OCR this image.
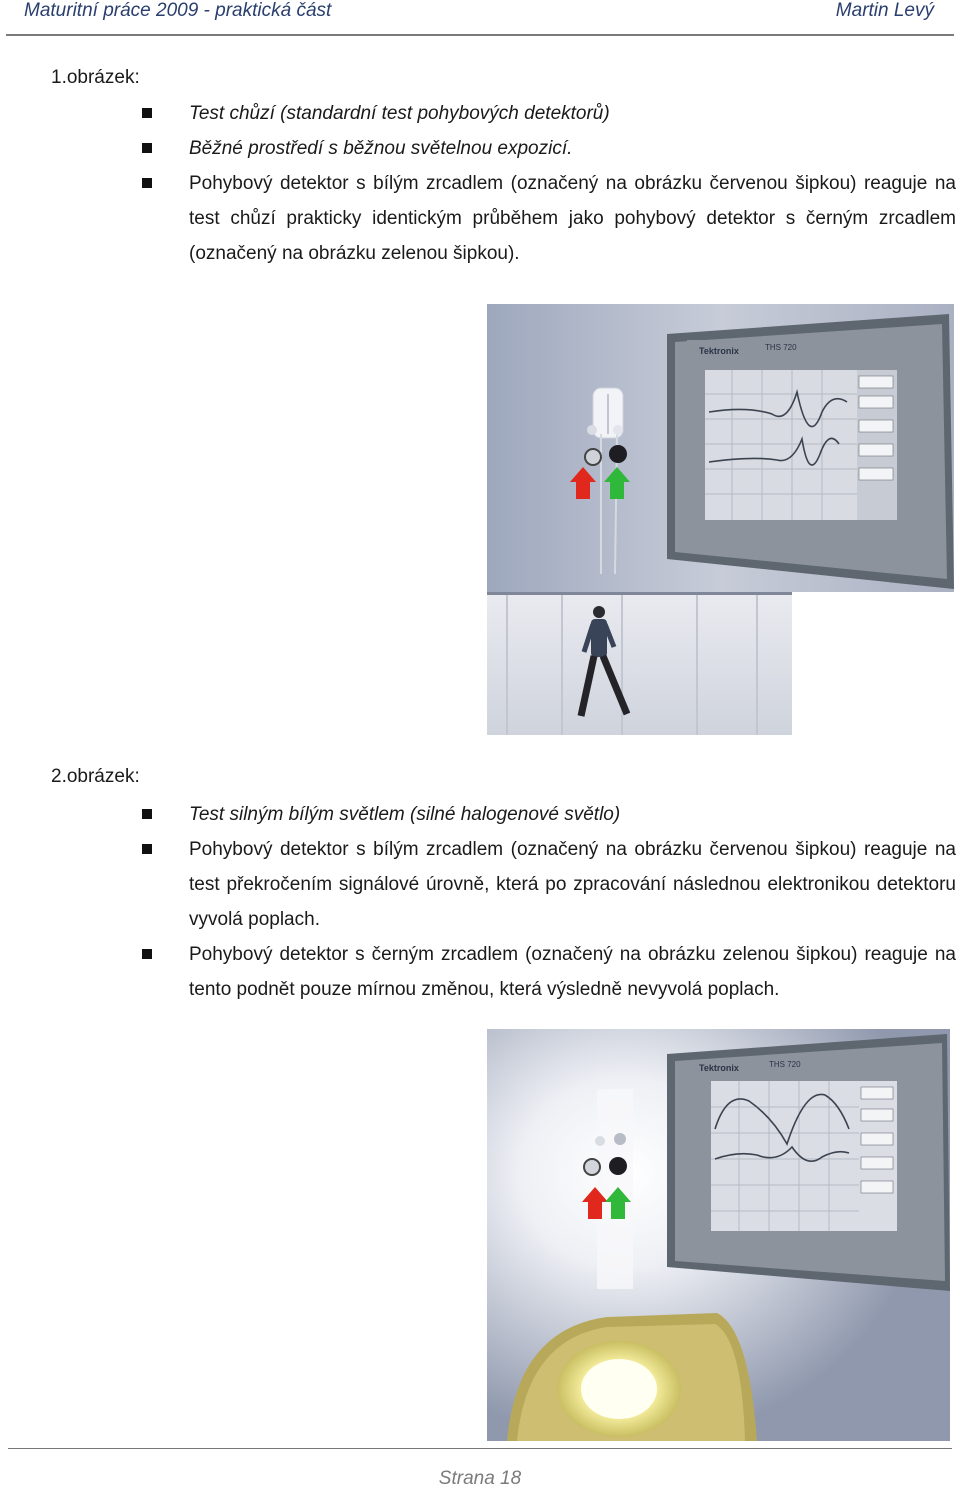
Maturitní práce 2009 - praktická část	Martin Levý
1.obrázek:
Test chůzí (standardní test pohybových detektorů)
Běžné prostředí s běžnou světelnou expozicí.
Pohybový detektor s bílým zrcadlem (označený na obrázku červenou šipkou) reaguje na test chůzí prakticky identickým průběhem jako pohybový detektor s černým zrcadlem (označený na obrázku zelenou šipkou).
Tektronix	THS 720
2.obrázek:
Test silným bílým světlem (silné halogenové světlo)
Pohybový detektor s bílým zrcadlem (označený na obrázku červenou šipkou) reaguje na test překročením signálové úrovně, která po zpracování následnou elektronikou detektoru vyvolá poplach.
Pohybový detektor s černým zrcadlem (označený na obrázku zelenou šipkou) reaguje na tento podnět pouze mírnou změnou, která výsledně nevyvolá poplach.
Tektronix	THS 720
Strana 18
